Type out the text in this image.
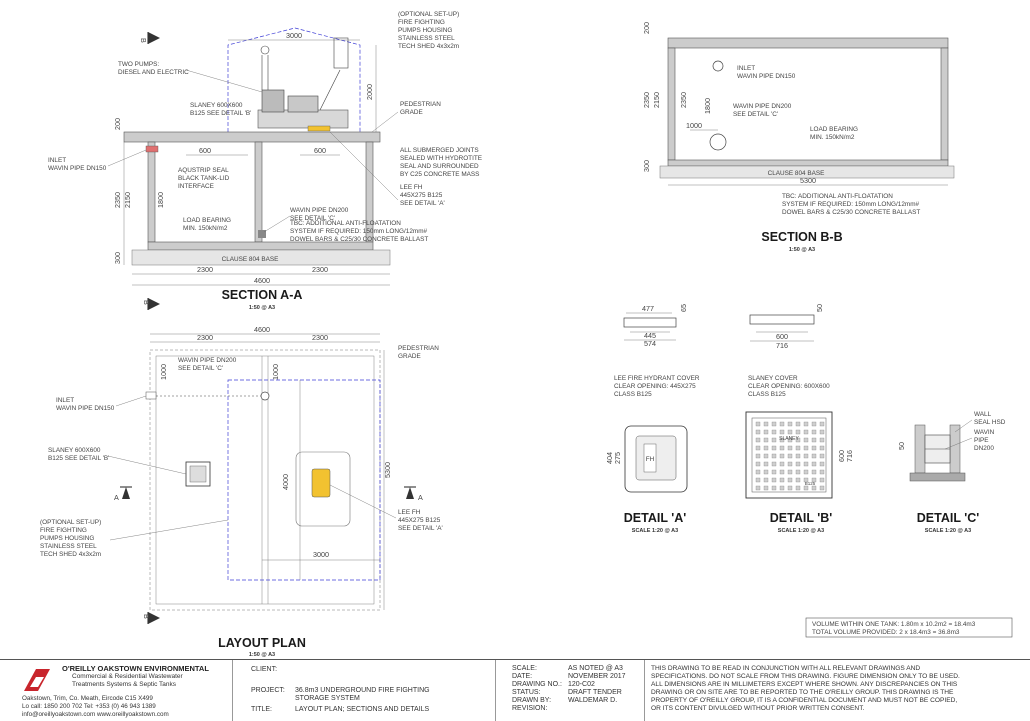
B
3000
2000
CLAUSE 804 BASE
2300	2300
4600
600	600
200
2350 2150	1800
300
TWO PUMPS: DIESEL AND ELECTRIC
(OPTIONAL SET-UP) FIRE FIGHTING PUMPS HOUSING STAINLESS STEEL TECH SHED 4x3x2m
SLANEY 600X600 B125 SEE DETAIL 'B'
PEDESTRIAN GRADE
INLET WAVIN PIPE DN150	AQUSTRIP SEAL BLACK TANK-LID INTERFACE
ALL SUBMERGED JOINTS SEALED WITH HYDROTITE SEAL AND SURROUNDED BY C25 CONCRETE MASS
LEE FH 445X275 B125 SEE DETAIL 'A'
WAVIN PIPE DN200 SEE DETAIL 'C'
LOAD BEARING MIN. 150kN/m2
TBC: ADDITIONAL ANTI-FLOATATION SYSTEM IF REQUIRED: 150mm LONG/12mm# DOWEL BARS & C25/30 CONCRETE BALLAST
SECTION A-A
1:50 @ A3
CLAUSE 804 BASE
200
2350 2150	2350 1800
1000
300
5300
INLET WAVIN PIPE DN150
WAVIN PIPE DN200 SEE DETAIL 'C'
LOAD BEARING MIN. 150kN/m2
TBC: ADDITIONAL ANTI-FLOATATION SYSTEM IF REQUIRED: 150mm LONG/12mm# DOWEL BARS & C25/30 CONCRETE BALLAST
SECTION B-B
1:50 @ A3
B
B
4600
2300	2300
1000	1000
4000
5300
3000
A	A
WAVIN PIPE DN200 SEE DETAIL 'C'
PEDESTRIAN GRADE
INLET WAVIN PIPE DN150
SLANEY 600X600 B125 SEE DETAIL 'B'
(OPTIONAL SET-UP) FIRE FIGHTING PUMPS HOUSING STAINLESS STEEL TECH SHED 4x3x2m
LEE FH 445X275 B125 SEE DETAIL 'A'
LAYOUT PLAN
1:50 @ A3
477	65
445
574
LEE FIRE HYDRANT COVER CLEAR OPENING: 445X275 CLASS B125
FH
404 275
DETAIL 'A'
SCALE 1:20 @ A3
50
600
716
SLANEY COVER CLEAR OPENING: 600X600 CLASS B125
SLANEY
B125
600 716
DETAIL 'B'
SCALE 1:20 @ A3
50
WALL SEAL HSD
WAVIN PIPE DN200
DETAIL 'C'
SCALE 1:20 @ A3
VOLUME WITHIN ONE TANK: 1.80m x 10.2m2 = 18.4m3
TOTAL VOLUME PROVIDED: 2 x 18.4m3 = 36.8m3
O'REILLY OAKSTOWN ENVIRONMENTAL
Commercial & Residential Wastewater
Treatments Systems & Septic Tanks
Oakstown, Trim, Co. Meath, Eircode C15 X499
Lo call: 1850 200 702 Tel: +353 (0) 46 943 1389
info@oreillyoakstown.com www.oreillyoakstown.com
CLIENT:
PROJECT: 36.8m3 UNDERGROUND FIRE FIGHTING
STORAGE SYSTEM
TITLE:	LAYOUT PLAN; SECTIONS AND DETAILS
SCALE:	AS NOTED @ A3
DATE:	NOVEMBER 2017
DRAWING NO.: 120-C02
STATUS:	DRAFT TENDER
DRAWN BY: WALDEMAR D.
REVISION:
THIS DRAWING TO BE READ IN CONJUNCTION WITH ALL RELEVANT DRAWINGS AND
SPECIFICATIONS. DO NOT SCALE FROM THIS DRAWING. FIGURE DIMENSION ONLY TO BE USED.
ALL DIMENSIONS ARE IN MILLIMETERS EXCEPT WHERE SHOWN. ANY DISCREPANCIES ON THIS
DRAWING OR ON SITE ARE TO BE REPORTED TO THE O'REILLY GROUP. THIS DRAWING IS THE
PROPERTY OF O'REILLY GROUP, IT IS A CONFIDENTIAL DOCUMENT AND MUST NOT BE COPIED,
OR ITS CONTENT DIVULGED WITHOUT PRIOR WRITTEN CONSENT.
